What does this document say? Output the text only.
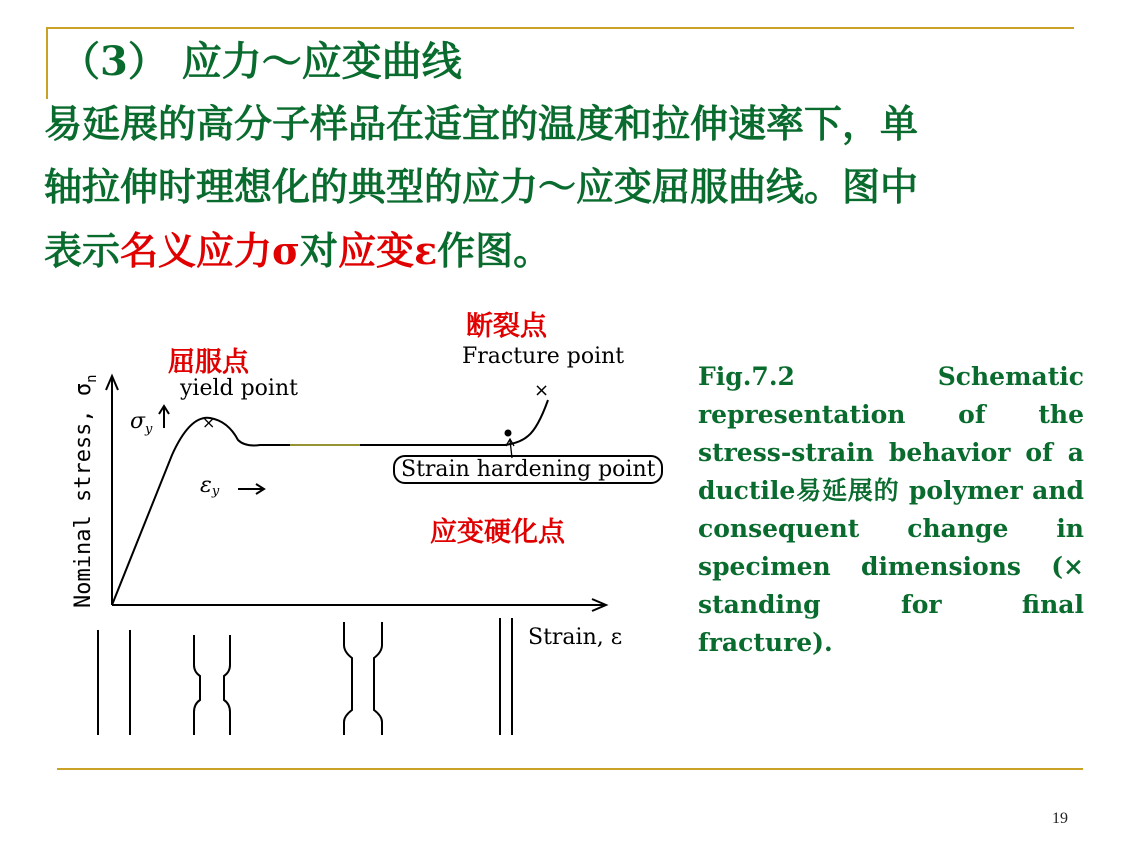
（3） 应力～应变曲线
易延展的高分子样品在适宜的温度和拉伸速率下，单
轴拉伸时理想化的典型的应力～应变屈服曲线。图中
表示名义应力σ对应变ε作图。
×
×
Nominal stress, $\sigma_n$
$\sigma_y$
εy
屈服点
yield point
断裂点
Fracture point
Strain hardening point
应变硬化点
Strain, ε
Fig.7.2 Schematic representation of the stress-strain behavior of a ductile易延展的 polymer and consequent change in specimen dimensions (× standing for final fracture).
19
